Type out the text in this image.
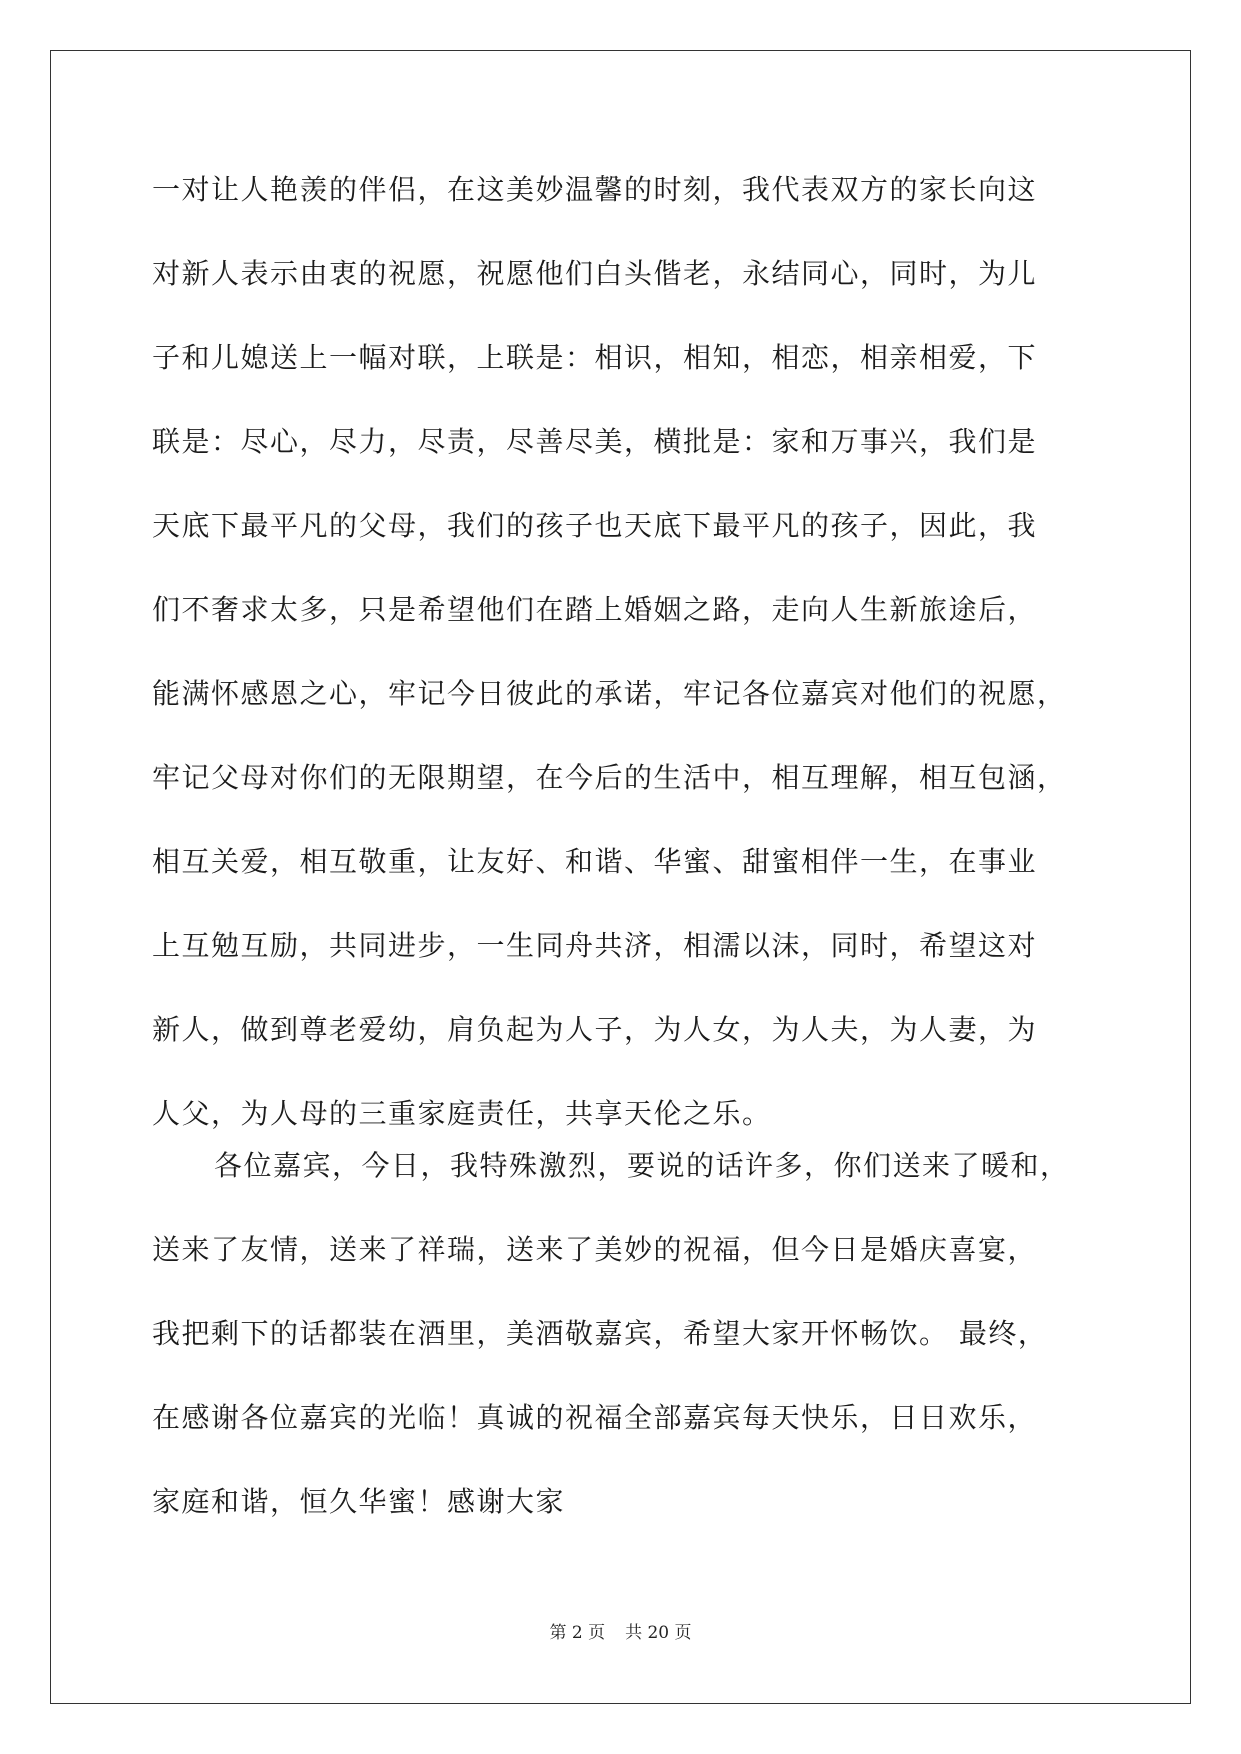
一对让人艳羡的伴侣，在这美妙温馨的时刻，我代表双方的家长向这
对新人表示由衷的祝愿，祝愿他们白头偕老，永结同心，同时，为儿
子和儿媳送上一幅对联，上联是：相识，相知，相恋，相亲相爱，下
联是：尽心，尽力，尽责，尽善尽美，横批是：家和万事兴，我们是
天底下最平凡的父母，我们的孩子也天底下最平凡的孩子，因此，我
们不奢求太多，只是希望他们在踏上婚姻之路，走向人生新旅途后，
能满怀感恩之心，牢记今日彼此的承诺，牢记各位嘉宾对他们的祝愿，
牢记父母对你们的无限期望，在今后的生活中，相互理解，相互包涵，
相互关爱，相互敬重，让友好、和谐、华蜜、甜蜜相伴一生，在事业
上互勉互励，共同进步，一生同舟共济，相濡以沫，同时，希望这对
新人，做到尊老爱幼，肩负起为人子，为人女，为人夫，为人妻，为
人父，为人母的三重家庭责任，共享天伦之乐。
各位嘉宾，今日，我特殊激烈，要说的话许多，你们送来了暖和，
送来了友情，送来了祥瑞，送来了美妙的祝福，但今日是婚庆喜宴，
我把剩下的话都装在酒里，美酒敬嘉宾，希望大家开怀畅饮。 最终，
在感谢各位嘉宾的光临！真诚的祝福全部嘉宾每天快乐，日日欢乐，
家庭和谐，恒久华蜜！感谢大家
第 2 页 共 20 页
